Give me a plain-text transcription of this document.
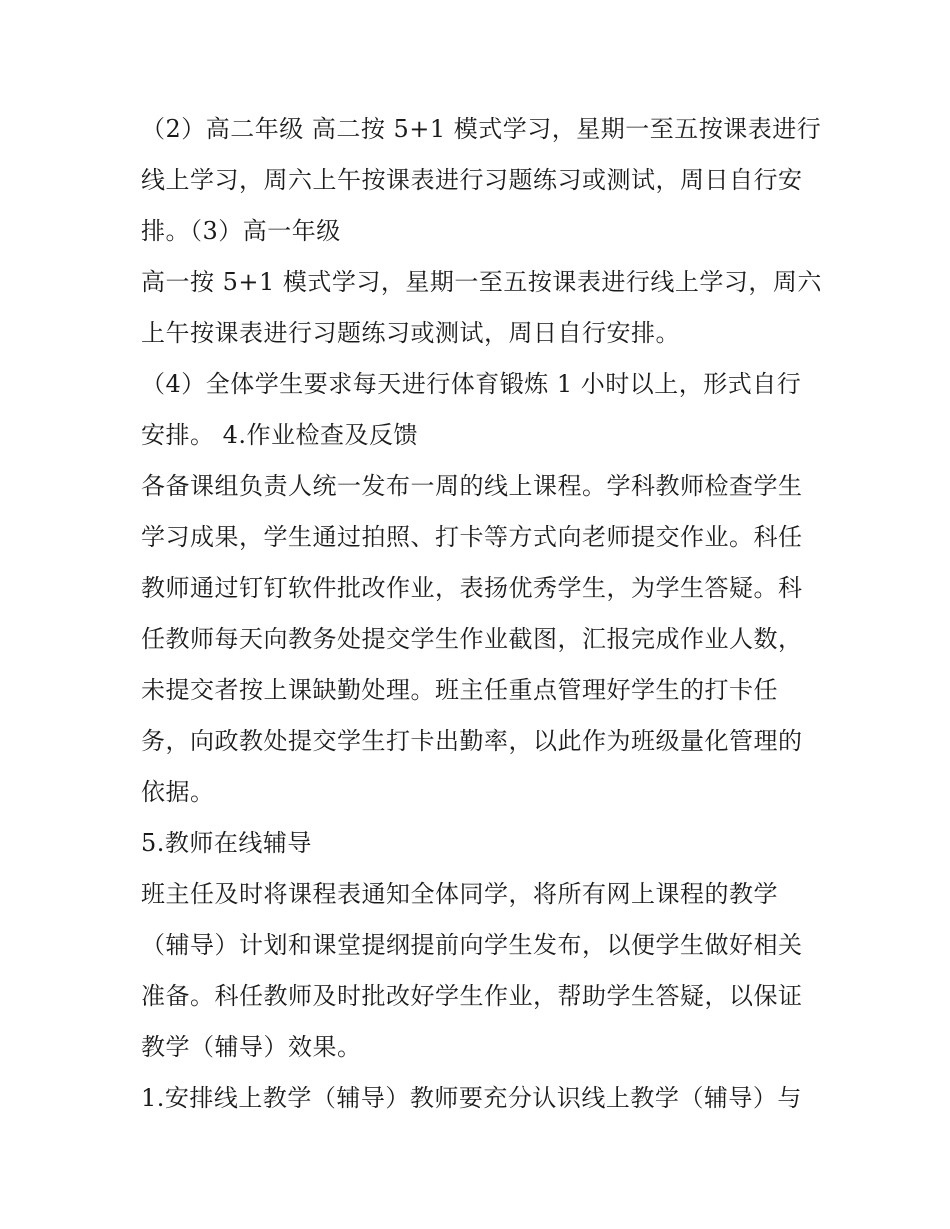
（2）高二年级 高二按 5+1 模式学习，星期一至五按课表进行
线上学习，周六上午按课表进行习题练习或测试，周日自行安
排。（3）高一年级
高一按 5+1 模式学习，星期一至五按课表进行线上学习，周六
上午按课表进行习题练习或测试，周日自行安排。
（4）全体学生要求每天进行体育锻炼 1 小时以上，形式自行
安排。 4.作业检查及反馈
各备课组负责人统一发布一周的线上课程。学科教师检查学生
学习成果，学生通过拍照、打卡等方式向老师提交作业。科任
教师通过钉钉软件批改作业，表扬优秀学生，为学生答疑。科
任教师每天向教务处提交学生作业截图，汇报完成作业人数，
未提交者按上课缺勤处理。班主任重点管理好学生的打卡任
务，向政教处提交学生打卡出勤率，以此作为班级量化管理的
依据。
5.教师在线辅导
班主任及时将课程表通知全体同学，将所有网上课程的教学
（辅导）计划和课堂提纲提前向学生发布，以便学生做好相关
准备。科任教师及时批改好学生作业，帮助学生答疑，以保证
教学（辅导）效果。
1.安排线上教学（辅导）教师要充分认识线上教学（辅导）与
